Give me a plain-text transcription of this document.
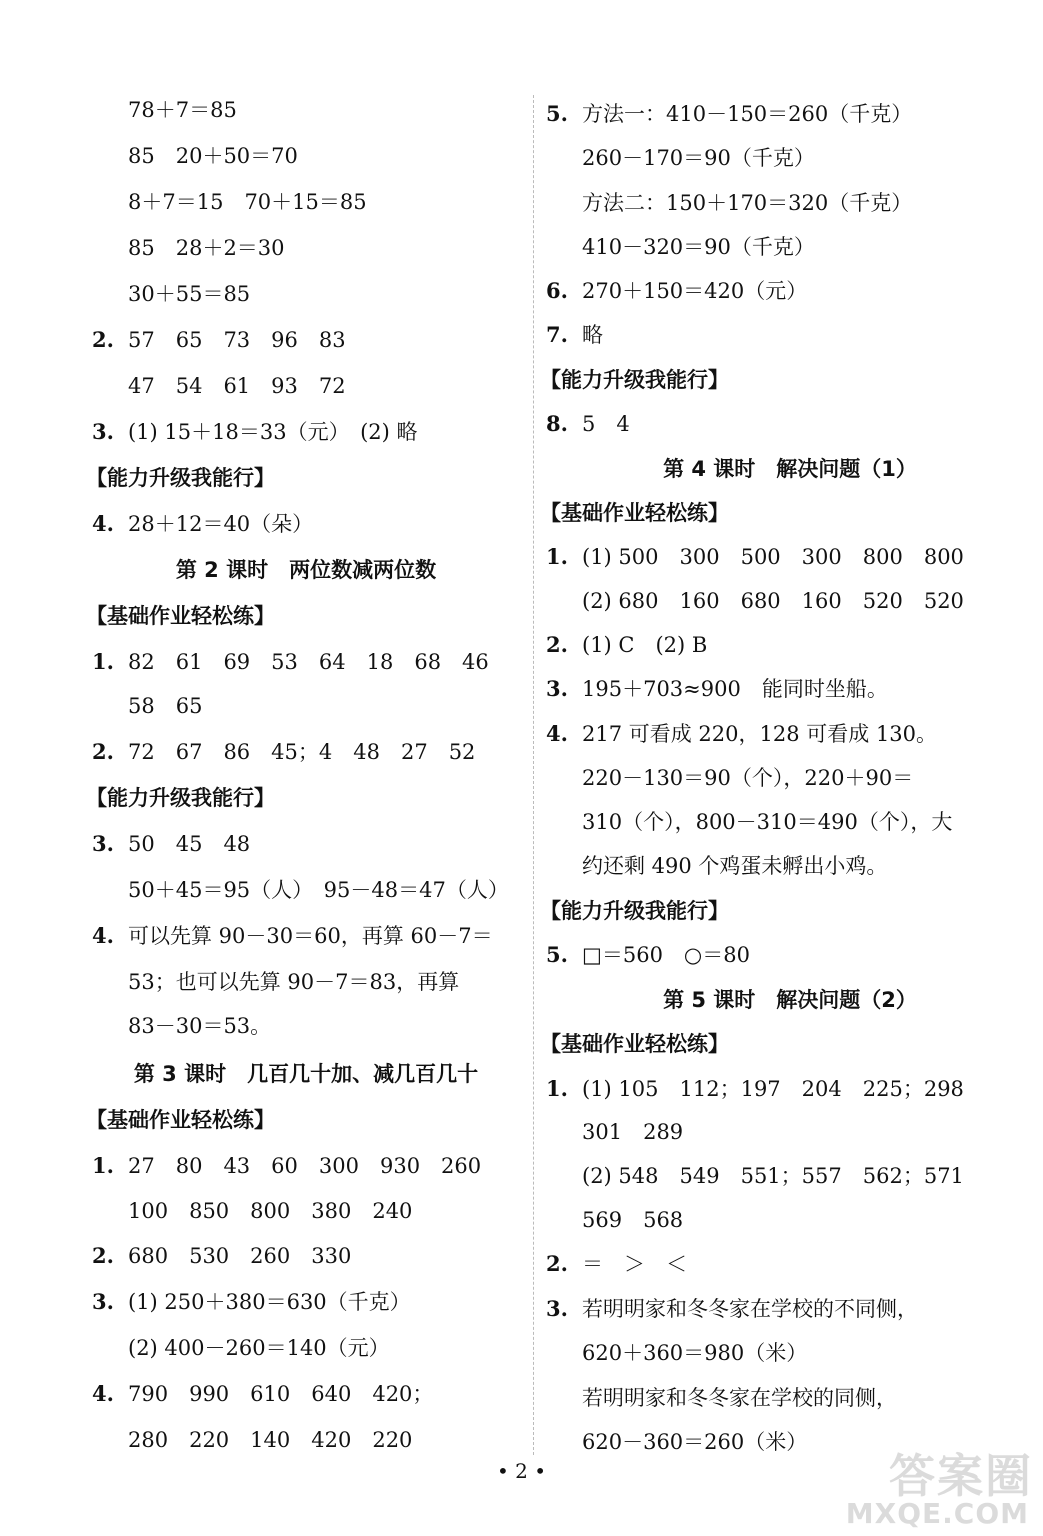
78＋7＝85
85　20＋50＝70
8＋7＝15　70＋15＝85
85　28＋2＝30
30＋55＝85
2. 57　65　73　96　83
47　54　61　93　72
3. (1) 15＋18＝33（元）　(2) 略
【能力升级我能行】
4. 28＋12＝40（朵）
第 2 课时　两位数减两位数
【基础作业轻松练】
1. 82　61　69　53　64　18　68　46
58　65
2. 72　67　86　45；4　48　27　52
【能力升级我能行】
3. 50　45　48
50＋45＝95（人）　95－48＝47（人）
4. 可以先算 90－30＝60，再算 60－7＝
53；也可以先算 90－7＝83，再算
83－30＝53。
第 3 课时　几百几十加、减几百几十
【基础作业轻松练】
1. 27　80　43　60　300　930　260
100　850　800　380　240
2. 680　530　260　330
3. (1) 250＋380＝630（千克）
(2) 400－260＝140（元）
4. 790　990　610　640　420；
280　220　140　420　220
5. 方法一：410－150＝260（千克）
260－170＝90（千克）
方法二：150＋170＝320（千克）
410－320＝90（千克）
6. 270＋150＝420（元）
7. 略
【能力升级我能行】
8. 5　4
第 4 课时　解决问题（1）
【基础作业轻松练】
1. (1) 500　300　500　300　800　800
(2) 680　160　680　160　520　520
2. (1) C　(2) B
3. 195＋703≈900　能同时坐船。
4. 217 可看成 220，128 可看成 130。
220－130＝90（个），220＋90＝
310（个），800－310＝490（个），大
约还剩 490 个鸡蛋未孵出小鸡。
【能力升级我能行】
5. □＝560　○＝80
第 5 课时　解决问题（2）
【基础作业轻松练】
1. (1) 105　112；197　204　225；298
301　289
(2) 548　549　551；557　562；571
569　568
2. ＝　＞　＜
3. 若明明家和冬冬家在学校的不同侧，
620＋360＝980（米）
若明明家和冬冬家在学校的同侧，
620－360＝260（米）
• 2 •	答案圈
MXQE.COM
